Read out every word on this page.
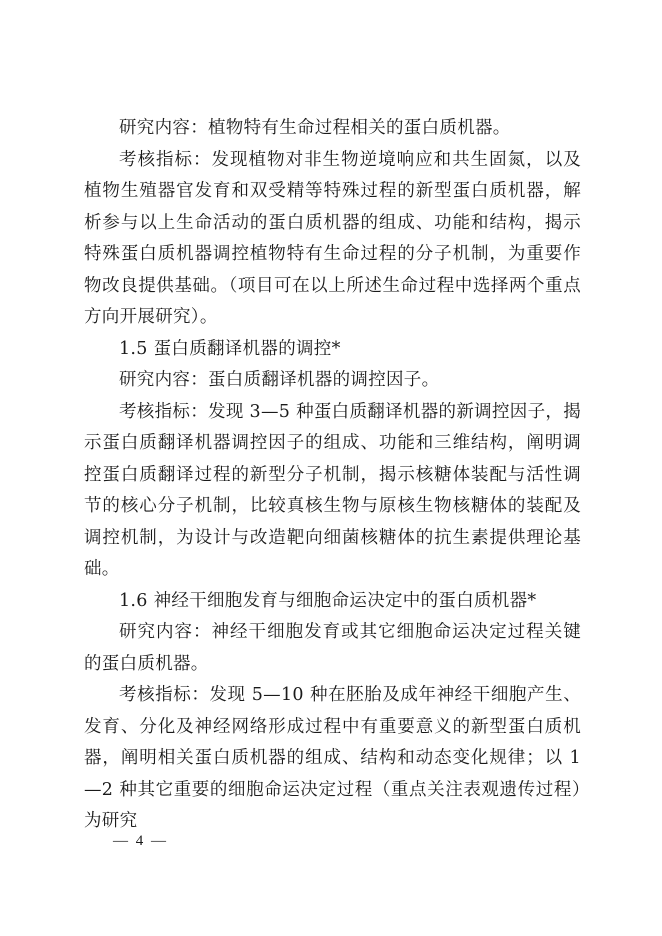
研究内容：植物特有生命过程相关的蛋白质机器。

考核指标：发现植物对非生物逆境响应和共生固氮，以及植物生殖器官发育和双受精等特殊过程的新型蛋白质机器，解析参与以上生命活动的蛋白质机器的组成、功能和结构，揭示特殊蛋白质机器调控植物特有生命过程的分子机制，为重要作物改良提供基础。（项目可在以上所述生命过程中选择两个重点方向开展研究）。

1.5 蛋白质翻译机器的调控*

研究内容：蛋白质翻译机器的调控因子。

考核指标：发现 3—5 种蛋白质翻译机器的新调控因子，揭示蛋白质翻译机器调控因子的组成、功能和三维结构，阐明调控蛋白质翻译过程的新型分子机制，揭示核糖体装配与活性调节的核心分子机制，比较真核生物与原核生物核糖体的装配及调控机制，为设计与改造靶向细菌核糖体的抗生素提供理论基础。

1.6 神经干细胞发育与细胞命运决定中的蛋白质机器*

研究内容：神经干细胞发育或其它细胞命运决定过程关键的蛋白质机器。

考核指标：发现 5—10 种在胚胎及成年神经干细胞产生、发育、分化及神经网络形成过程中有重要意义的新型蛋白质机器，阐明相关蛋白质机器的组成、结构和动态变化规律；以 1—2 种其它重要的细胞命运决定过程（重点关注表观遗传过程）为研究

— 4 —
